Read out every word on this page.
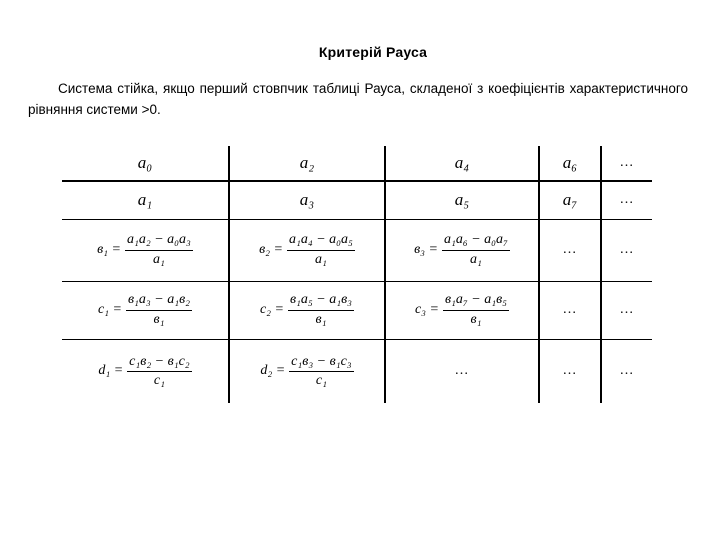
Критерій Рауса
Система стійка, якщо перший стовпчик таблиці Рауса, складеної з коефіцієнтів характеристичного рівняння системи >0.
a₀	a₂	a₄	a₆	…
a₁	a₃	a₅	a₇	…

$в_1 = \frac{\text{a₁a₂ − a₀a₃}}{\text{a₁}}$	$в_2 = \frac{\text{a₁a₄ − a₀a₅}}{\text{a₁}}$	$в_3 = \frac{\text{a₁a₆ − a₀a₇}}{\text{a₁}}$	…	…

$c_1 = \frac{\text{в₁a₃ − a₁в₂}}{\text{в₁}}$	$c_2 = \frac{\text{в₁a₅ − a₁в₃}}{\text{в₁}}$	$c_3 = \frac{\text{в₁a₇ − a₁в₅}}{\text{в₁}}$	…	…

$d_1 = \frac{\text{c₁в₂ − в₁c₂}}{\text{c₁}}$	$d_2 = \frac{\text{c₁в₃ − в₁c₃}}{\text{c₁}}$	…	…	…
